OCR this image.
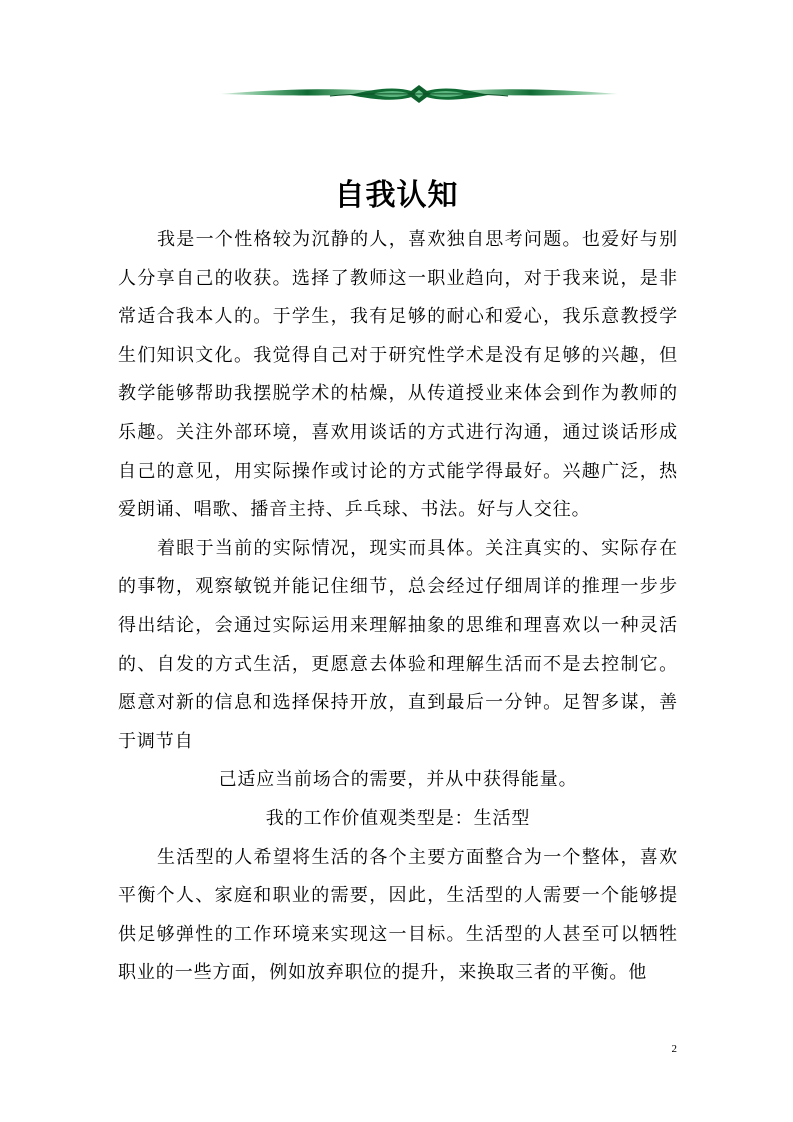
自我认知

我是一个性格较为沉静的人，喜欢独自思考问题。也爱好与别人分享自己的收获。选择了教师这一职业趋向，对于我来说，是非常适合我本人的。于学生，我有足够的耐心和爱心，我乐意教授学生们知识文化。我觉得自己对于研究性学术是没有足够的兴趣，但教学能够帮助我摆脱学术的枯燥，从传道授业来体会到作为教师的乐趣。关注外部环境，喜欢用谈话的方式进行沟通，通过谈话形成自己的意见，用实际操作或讨论的方式能学得最好。兴趣广泛，热爱朗诵、唱歌、播音主持、乒乓球、书法。好与人交往。

着眼于当前的实际情况，现实而具体。关注真实的、实际存在的事物，观察敏锐并能记住细节，总会经过仔细周详的推理一步步得出结论，会通过实际运用来理解抽象的思维和理喜欢以一种灵活的、自发的方式生活，更愿意去体验和理解生活而不是去控制它。愿意对新的信息和选择保持开放，直到最后一分钟。足智多谋，善于调节自

己适应当前场合的需要，并从中获得能量。

我的工作价值观类型是：生活型

生活型的人希望将生活的各个主要方面整合为一个整体，喜欢平衡个人、家庭和职业的需要，因此，生活型的人需要一个能够提供足够弹性的工作环境来实现这一目标。生活型的人甚至可以牺牲职业的一些方面，例如放弃职位的提升，来换取三者的平衡。他

2
